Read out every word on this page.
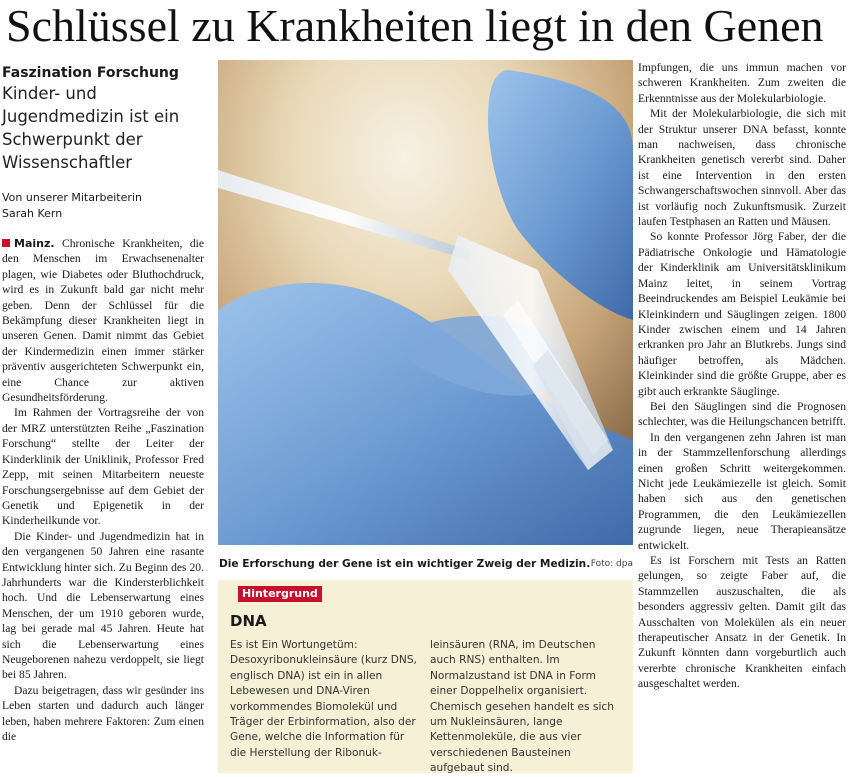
Schlüssel zu Krankheiten liegt in den Genen
Faszination Forschung
Kinder- und
Jugendmedizin ist ein
Schwerpunkt der
Wissenschaftler
Von unserer Mitarbeiterin
Sarah Kern

Mainz. Chronische Krankheiten, die den Menschen im Erwachsenenalter plagen, wie Diabetes oder Bluthochdruck, wird es in Zukunft bald gar nicht mehr geben. Denn der Schlüssel für die Bekämpfung dieser Krankheiten liegt in unseren Genen. Damit nimmt das Gebiet der Kindermedizin einen immer stärker präventiv ausgerichteten Schwerpunkt ein, eine Chance zur aktiven Gesundheitsförderung.

Im Rahmen der Vortragsreihe der von der MRZ unterstützten Reihe „Faszination Forschung“ stellte der Leiter der Kinderklinik der Uniklinik, Professor Fred Zepp, mit seinen Mitarbeitern neueste Forschungsergebnisse auf dem Gebiet der Genetik und Epigenetik in der Kinderheilkunde vor.

Die Kinder- und Jugendmedizin hat in den vergangenen 50 Jahren eine rasante Entwicklung hinter sich. Zu Beginn des 20. Jahrhunderts war die Kindersterblichkeit hoch. Und die Lebenserwartung eines Menschen, der um 1910 geboren wurde, lag bei gerade mal 45 Jahren. Heute hat sich die Lebenserwartung eines Neugeborenen nahezu verdoppelt, sie liegt bei 85 Jahren.

Dazu beigetragen, dass wir gesünder ins Leben starten und dadurch auch länger leben, haben mehrere Faktoren: Zum einen die

Die Erforschung der Gene ist ein wichtiger Zweig der Medizin. Foto: dpa
Hintergrund
DNA
Es ist Ein Wortungetüm: Desoxyribonukleinsäure (kurz DNS, englisch DNA) ist ein in allen Lebewesen und DNA-Viren vorkommendes Biomolekül und Träger der Erbinformation, also der Gene, welche die Information für die Herstellung der Ribonuk-
leinsäuren (RNA, im Deutschen auch RNS) enthalten. Im Normalzustand ist DNA in Form einer Doppelhelix organisiert. Chemisch gesehen handelt es sich um Nukleinsäuren, lange Kettenmoleküle, die aus vier verschiedenen Bausteinen aufgebaut sind.

Impfungen, die uns immun machen vor schweren Krankheiten. Zum zweiten die Erkenntnisse aus der Molekularbiologie.

Mit der Molekularbiologie, die sich mit der Struktur unserer DNA befasst, konnte man nachweisen, dass chronische Krankheiten genetisch vererbt sind. Daher ist eine Intervention in den ersten Schwangerschaftswochen sinnvoll. Aber das ist vorläufig noch Zukunftsmusik. Zurzeit laufen Testphasen an Ratten und Mäusen.

So konnte Professor Jörg Faber, der die Pädiatrische Onkologie und Hämatologie der Kinderklinik am Universitätsklinikum Mainz leitet, in seinem Vortrag Beeindruckendes am Beispiel Leukämie bei Kleinkindern und Säuglingen zeigen. 1800 Kinder zwischen einem und 14 Jahren erkranken pro Jahr an Blutkrebs. Jungs sind häufiger betroffen, als Mädchen. Kleinkinder sind die größte Gruppe, aber es gibt auch erkrankte Säuglinge.

Bei den Säuglingen sind die Prognosen schlechter, was die Heilungschancen betrifft.

In den vergangenen zehn Jahren ist man in der Stammzellenforschung allerdings einen großen Schritt weitergekommen. Nicht jede Leukämiezelle ist gleich. Somit haben sich aus den genetischen Programmen, die den Leukämiezellen zugrunde liegen, neue Therapieansätze entwickelt.

Es ist Forschern mit Tests an Ratten gelungen, so zeigte Faber auf, die Stammzellen auszuschalten, die als besonders aggressiv gelten. Damit gilt das Ausschalten von Molekülen als ein neuer therapeutischer Ansatz in der Genetik. In Zukunft könnten dann vorgeburtlich auch vererbte chronische Krankheiten einfach ausgeschaltet werden.
